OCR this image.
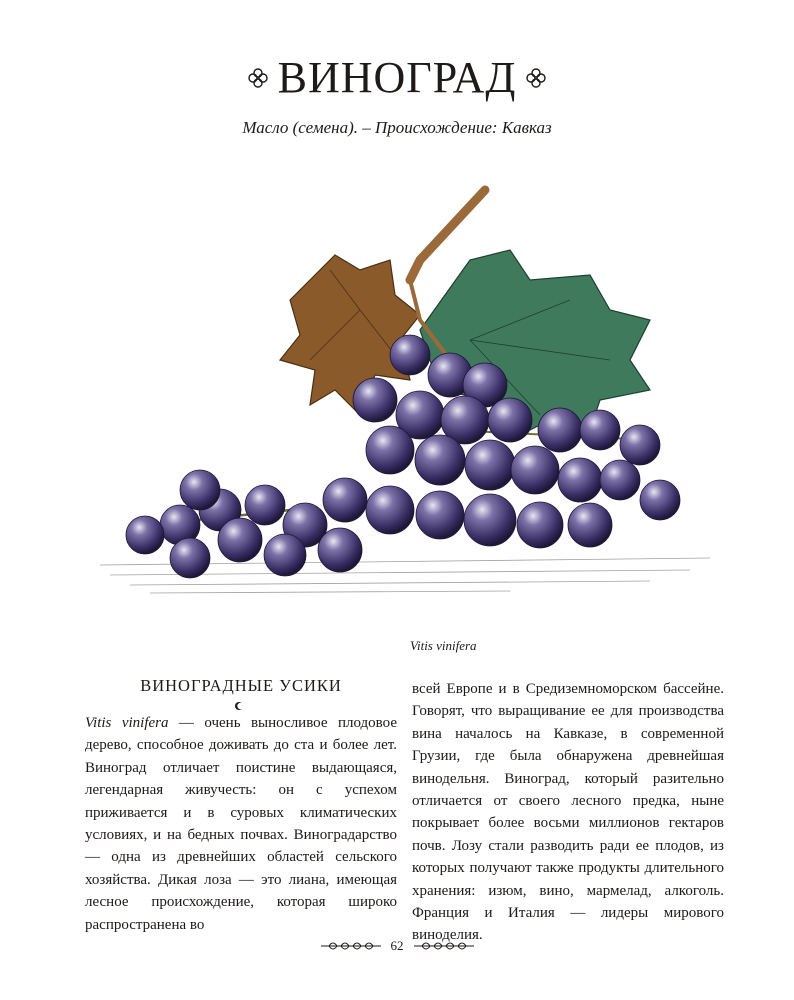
ВИНОГРАД
Масло (семена). – Происхождение: Кавказ
Vitis vinifera
ВИНОГРАДНЫЕ УСИКИ

Vitis vinifera — очень выносливое плодовое дерево, способное доживать до ста и более лет. Виноград отличает поистине выдающаяся, легендарная живучесть: он с успехом приживается и в суровых климатических условиях, и на бедных почвах. Виноградарство — одна из древнейших областей сельского хозяйства. Дикая лоза — это лиана, имеющая лесное происхождение, которая широко распространена во

всей Европе и в Средиземноморском бассейне. Говорят, что выращивание ее для производства вина началось на Кавказе, в современной Грузии, где была обнаружена древнейшая винодельня. Виноград, который разительно отличается от своего лесного предка, ныне покрывает более восьми миллионов гектаров почв. Лозу стали разводить ради ее плодов, из которых получают также продукты длительного хранения: изюм, вино, мармелад, алкоголь. Франция и Италия — лидеры мирового виноделия.

62
